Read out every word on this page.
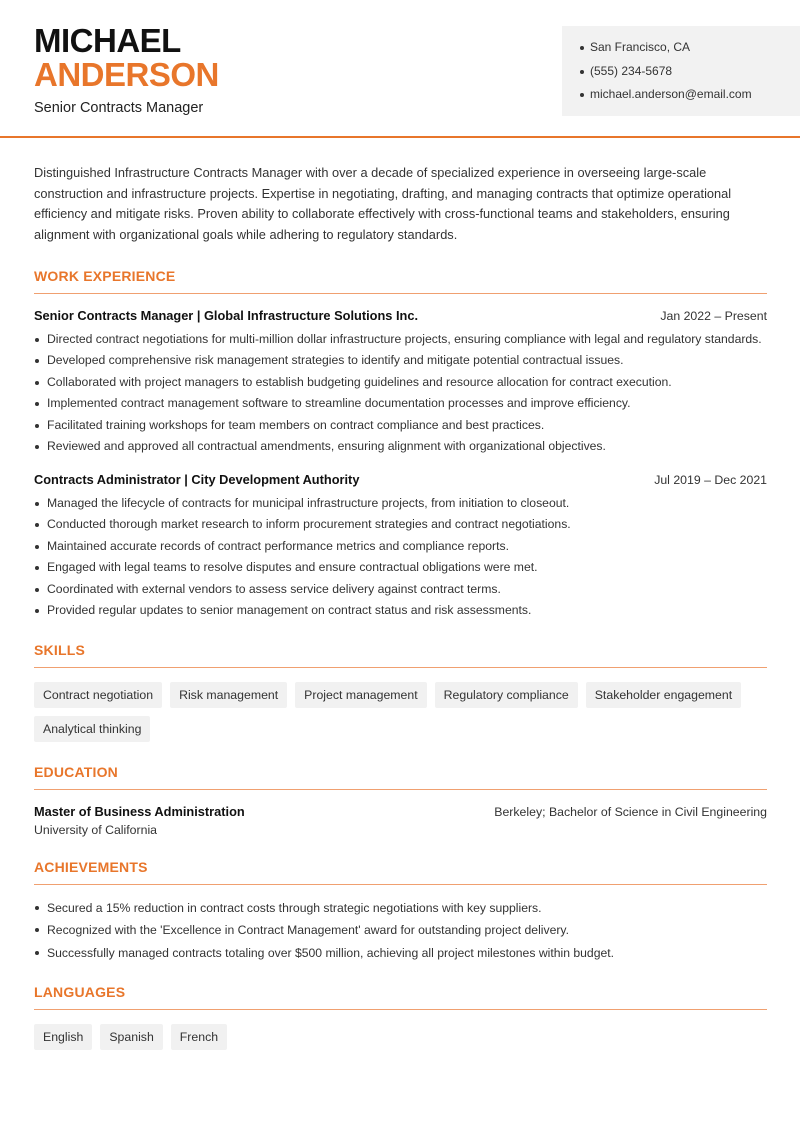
MICHAEL
ANDERSON
Senior Contracts Manager
San Francisco, CA
(555) 234-5678
michael.anderson@email.com

Distinguished Infrastructure Contracts Manager with over a decade of specialized experience in overseeing large-scale construction and infrastructure projects. Expertise in negotiating, drafting, and managing contracts that optimize operational efficiency and mitigate risks. Proven ability to collaborate effectively with cross-functional teams and stakeholders, ensuring alignment with organizational goals while adhering to regulatory standards.

WORK EXPERIENCE
Senior Contracts Manager | Global Infrastructure Solutions Inc.	Jan 2022 – Present
Directed contract negotiations for multi-million dollar infrastructure projects, ensuring compliance with legal and regulatory standards.
Developed comprehensive risk management strategies to identify and mitigate potential contractual issues.
Collaborated with project managers to establish budgeting guidelines and resource allocation for contract execution.
Implemented contract management software to streamline documentation processes and improve efficiency.
Facilitated training workshops for team members on contract compliance and best practices.
Reviewed and approved all contractual amendments, ensuring alignment with organizational objectives.
Contracts Administrator | City Development Authority	Jul 2019 – Dec 2021
Managed the lifecycle of contracts for municipal infrastructure projects, from initiation to closeout.
Conducted thorough market research to inform procurement strategies and contract negotiations.
Maintained accurate records of contract performance metrics and compliance reports.
Engaged with legal teams to resolve disputes and ensure contractual obligations were met.
Coordinated with external vendors to assess service delivery against contract terms.
Provided regular updates to senior management on contract status and risk assessments.
SKILLS
Contract negotiation	Risk management	Project management	Regulatory compliance	Stakeholder engagement
Analytical thinking
EDUCATION
Master of Business Administration	Berkeley; Bachelor of Science in Civil Engineering
University of California
ACHIEVEMENTS
Secured a 15% reduction in contract costs through strategic negotiations with key suppliers.
Recognized with the 'Excellence in Contract Management' award for outstanding project delivery.
Successfully managed contracts totaling over $500 million, achieving all project milestones within budget.
LANGUAGES
English	Spanish	French
